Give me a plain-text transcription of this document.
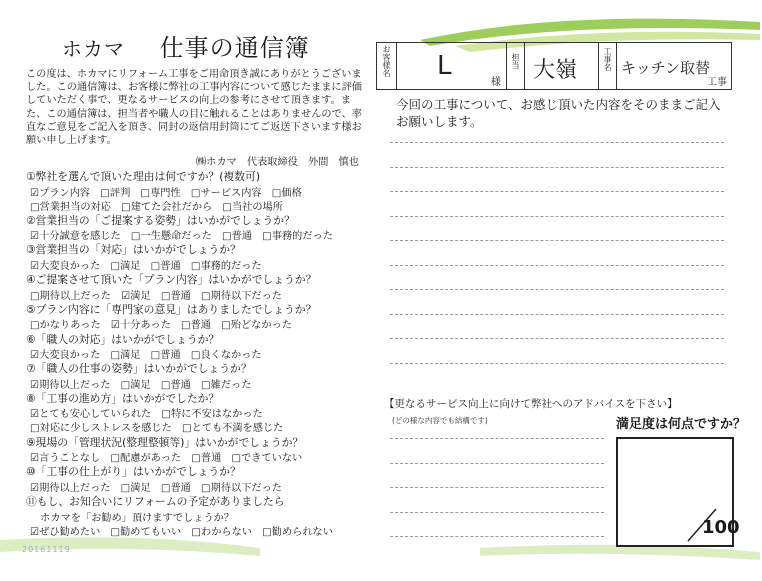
ホカマ 仕事の通信簿
この度は、ホカマにリフォーム工事をご用命頂き誠にありがとうございました。この通信簿は、お客様に弊社の工事内容について感じたままに評価していただく事で、更なるサービスの向上の参考にさせて頂きます。また、この通信簿は、担当者や職人の目に触れることはありませんので、率直なご意見をご記入を頂き、同封の返信用封筒にてご返送下さいます様お願い申し上げます。
㈱ホカマ　代表取締役　外間　慎也
①弊社を選んで頂いた理由は何ですか？(複数可)
☑プラン内容　□評判　□専門性　□サービス内容　□価格
□営業担当の対応　□建てた会社だから　□当社の場所
②営業担当の「ご提案する姿勢」はいかがでしょうか？
☑十分誠意を感じた　□一生懸命だった　□普通　□事務的だった
③営業担当の「対応」はいかがでしょうか？
☑大変良かった　□満足　□普通　□事務的だった
④ご提案させて頂いた「プラン内容」はいかがでしょうか？
□期待以上だった　☑満足　□普通　□期待以下だった
⑤プラン内容に「専門家の意見」はありましたでしょうか？
□かなりあった　☑十分あった　□普通　□殆どなかった
⑥「職人の対応」はいかがでしょうか？
☑大変良かった　□満足　□普通　□良くなかった
⑦「職人の仕事の姿勢」はいかがでしょうか？
☑期待以上だった　□満足　□普通　□雑だった
⑧「工事の進め方」はいかがでしたか？
☑とても安心していられた　□特に不安はなかった
□対応に少しストレスを感じた　□とても不満を感じた
⑨現場の「管理状況(整理整頓等)」はいかがでしょうか？
☑言うことなし　□配慮があった　□普通　□できていない
⑩「工事の仕上がり」はいかがでしょうか？
☑期待以上だった　□満足　□普通　□期待以下だった
⑪もし、お知合いにリフォームの予定がありましたら
　ホカマを「お勧め」頂けますでしょうか？
☑ぜひ勧めたい　□勧めてもいい　□わからない　□勧められない
お客様名 L
様
担当 大嶺	工事名 キッチン取替
工事
今回の工事について、お感じ頂いた内容をそのままご記入お願いします。
【更なるサービス向上に向けて弊社へのアドバイスを下さい】
(どの様な内容でも結構です)	満足度は何点ですか？
100
20161119
